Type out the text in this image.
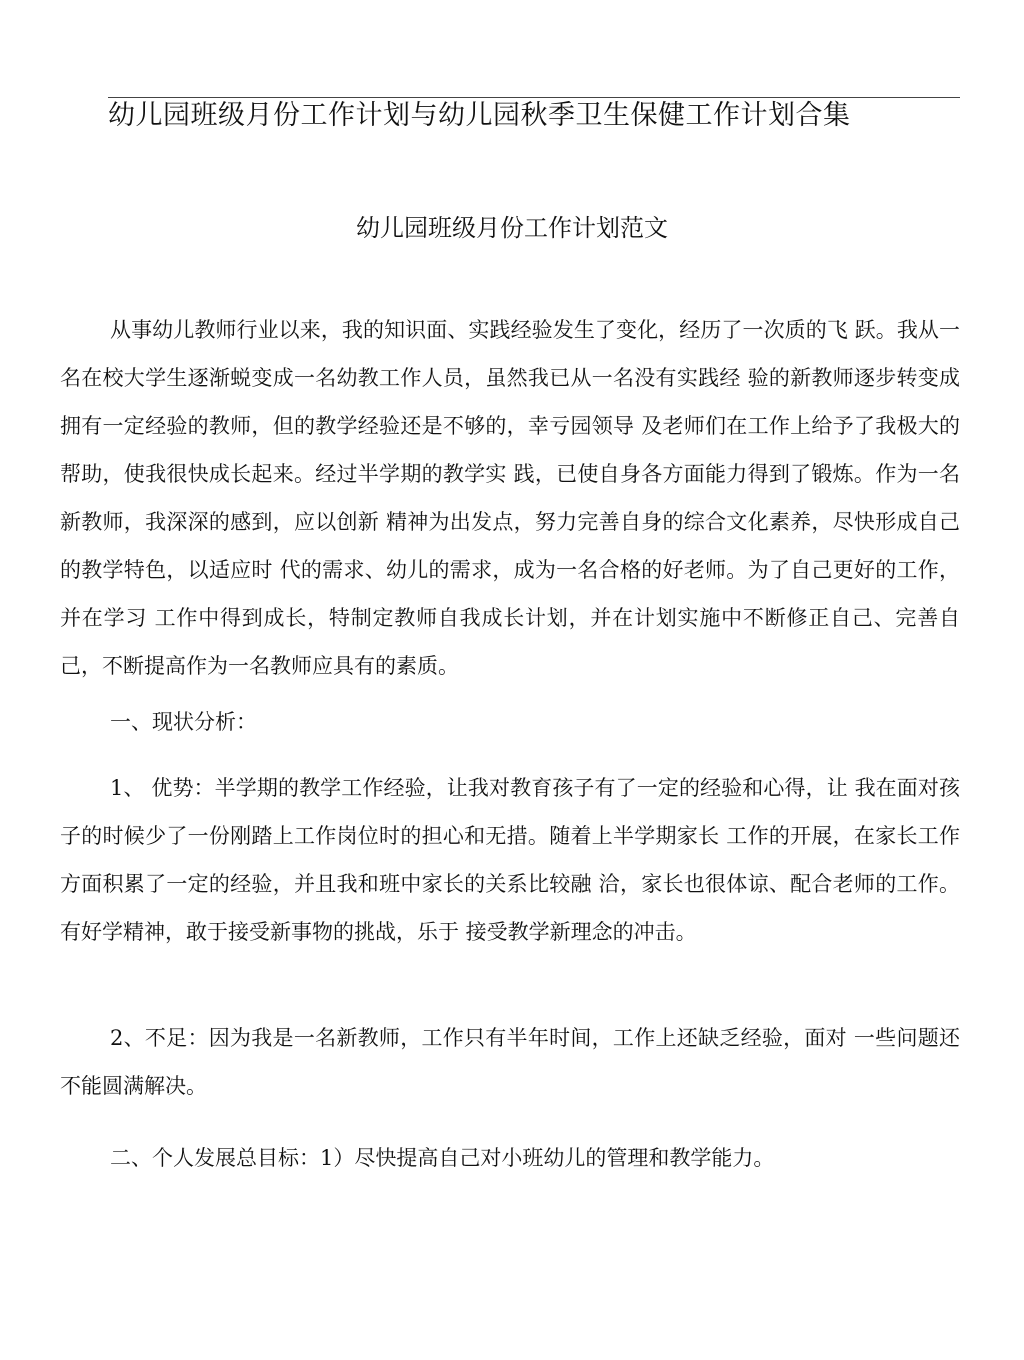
幼儿园班级月份工作计划与幼儿园秋季卫生保健工作计划合集
幼儿园班级月份工作计划范文

从事幼儿教师行业以来，我的知识面、实践经验发生了变化，经历了一次质的飞 跃。我从一名在校大学生逐渐蜕变成一名幼教工作人员，虽然我已从一名没有实践经 验的新教师逐步转变成拥有一定经验的教师，但的教学经验还是不够的，幸亏园领导 及老师们在工作上给予了我极大的帮助，使我很快成长起来。经过半学期的教学实 践，已使自身各方面能力得到了锻炼。作为一名新教师，我深深的感到，应以创新 精神为出发点，努力完善自身的综合文化素养，尽快形成自己的教学特色，以适应时 代的需求、幼儿的需求，成为一名合格的好老师。为了自己更好的工作，并在学习 工作中得到成长，特制定教师自我成长计划，并在计划实施中不断修正自己、完善自 己，不断提高作为一名教师应具有的素质。

一、现状分析：

1、 优势：半学期的教学工作经验，让我对教育孩子有了一定的经验和心得，让 我在面对孩子的时候少了一份刚踏上工作岗位时的担心和无措。随着上半学期家长 工作的开展，在家长工作方面积累了一定的经验，并且我和班中家长的关系比较融 洽，家长也很体谅、配合老师的工作。有好学精神，敢于接受新事物的挑战，乐于 接受教学新理念的冲击。

2、不足：因为我是一名新教师，工作只有半年时间，工作上还缺乏经验，面对 一些问题还不能圆满解决。

二、个人发展总目标：1）尽快提高自己对小班幼儿的管理和教学能力。
